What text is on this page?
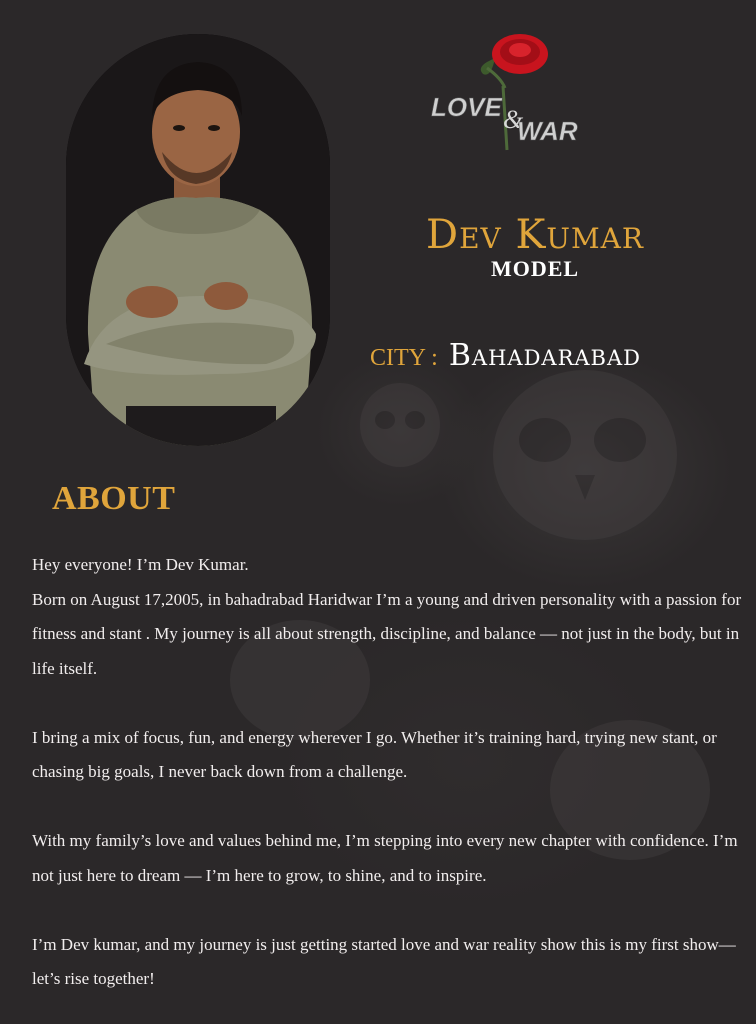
LOVE &
WAR
Dev Kumar
MODEL
CITY : Bahadarabad
ABOUT

Hey everyone! I’m Dev Kumar.

Born on August 17,2005, in bahadrabad Haridwar I’m a young and driven personality with a passion for fitness and stant . My journey is all about strength, discipline, and balance — not just in the body, but in life itself.

I bring a mix of focus, fun, and energy wherever I go. Whether it’s training hard, trying new stant, or chasing big goals, I never back down from a challenge.

With my family’s love and values behind me, I’m stepping into every new chapter with confidence. I’m not just here to dream — I’m here to grow, to shine, and to inspire.

I’m Dev kumar, and my journey is just getting started love and war reality show this is my first show— let’s rise together!
